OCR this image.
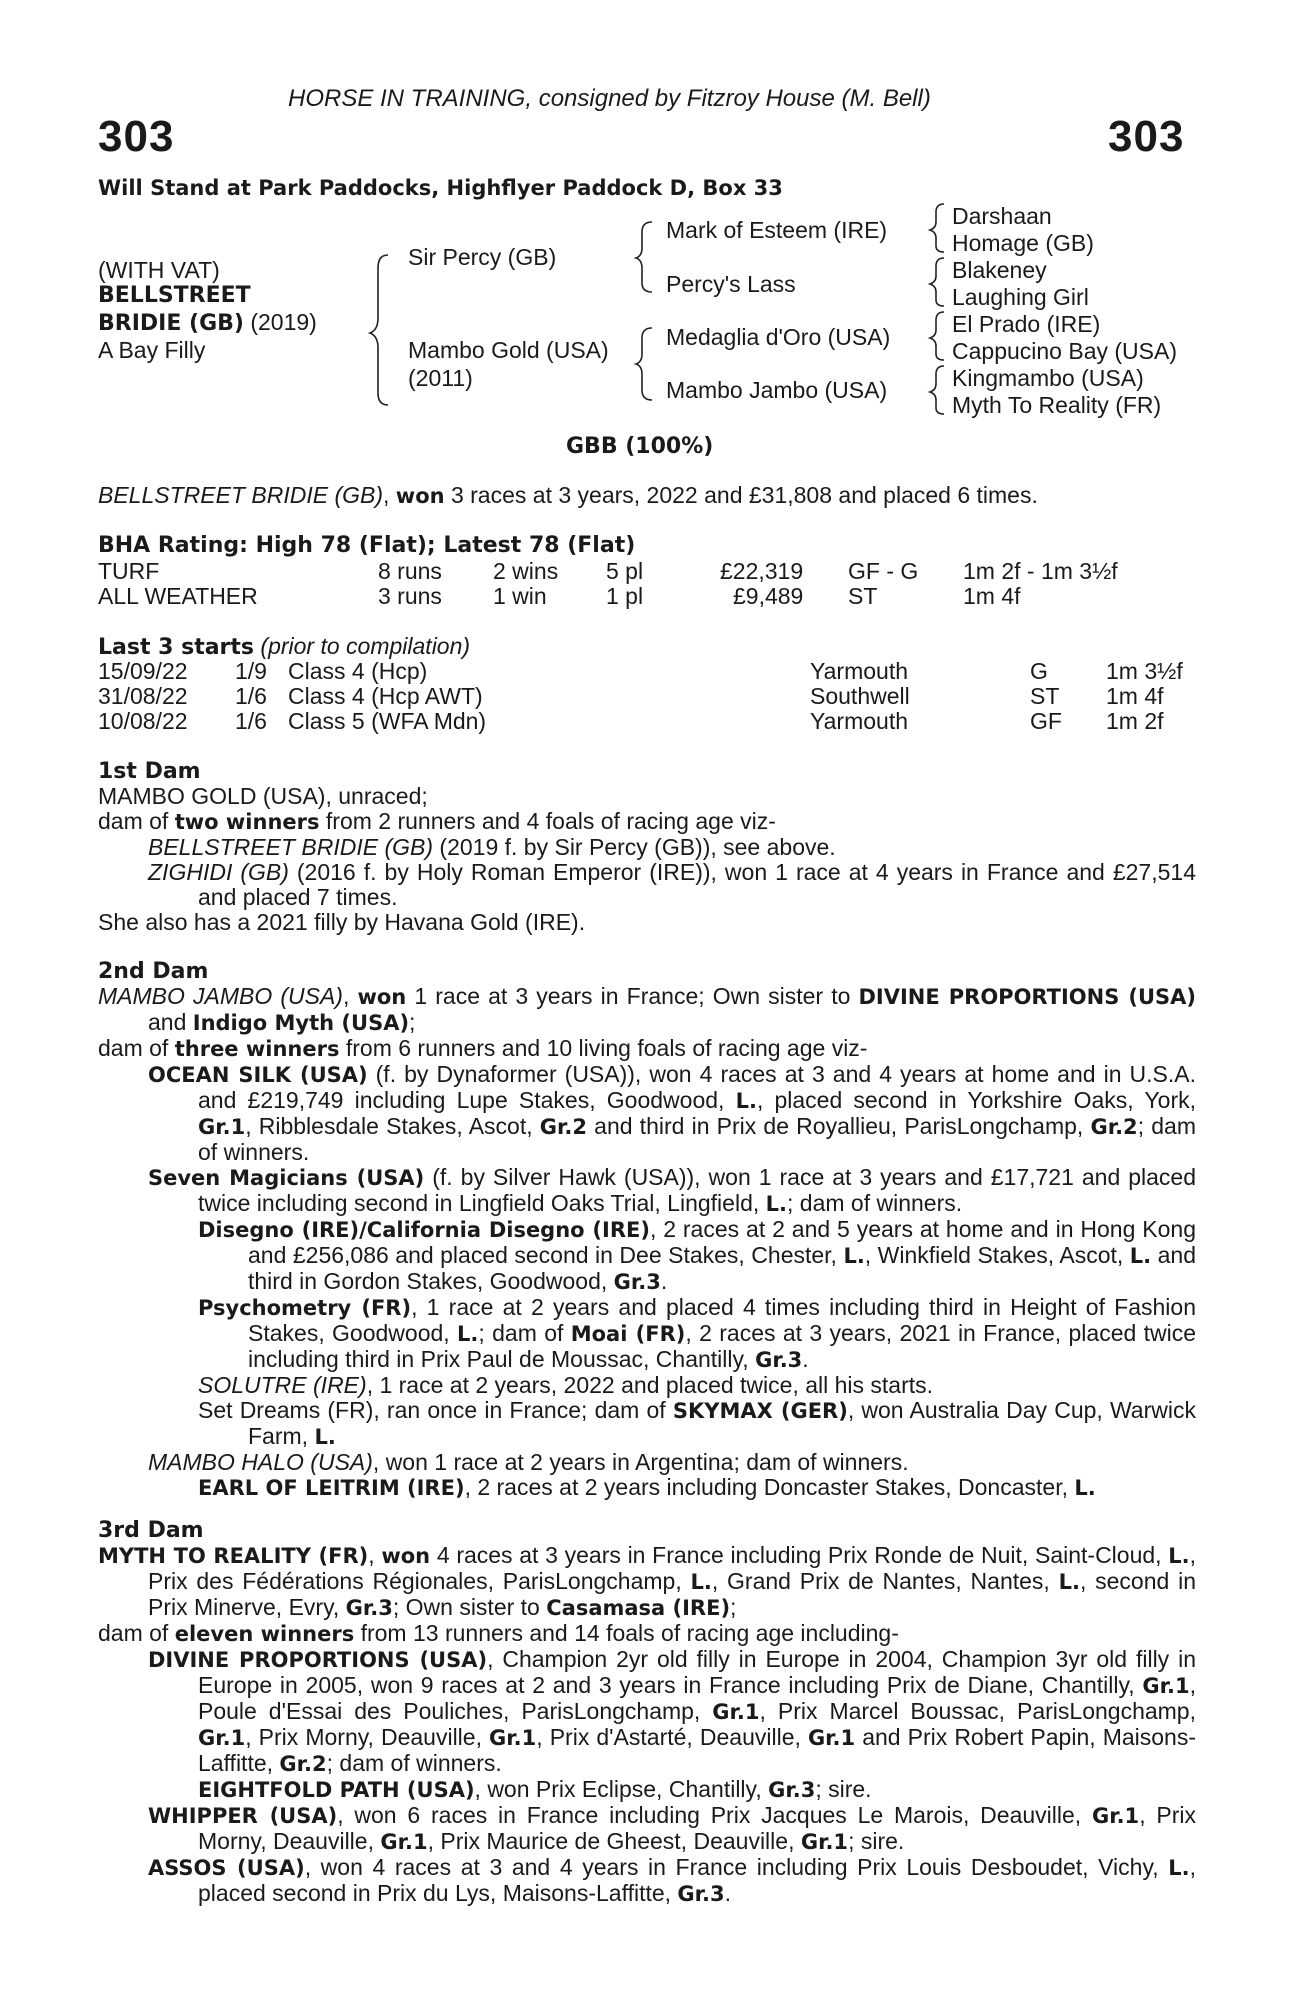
HORSE IN TRAINING, consigned by Fitzroy House (M. Bell)
303	303
Will Stand at Park Paddocks, Highflyer Paddock D, Box 33
(WITH VAT)
BELLSTREET
BRIDIE (GB) (2019)
A Bay Filly
Sir Percy (GB)
Mambo Gold (USA)
(2011)
Mark of Esteem (IRE)
Percy's Lass
Medaglia d'Oro (USA)
Mambo Jambo (USA)
Darshaan
Homage (GB)
Blakeney
Laughing Girl
El Prado (IRE)
Cappucino Bay (USA)
Kingmambo (USA)
Myth To Reality (FR)
GBB (100%)
BELLSTREET BRIDIE (GB), won 3 races at 3 years, 2022 and £31,808 and placed 6 times.
BHA Rating: High 78 (Flat); Latest 78 (Flat)
TURF	8 runs 2 wins 5 pl	£22,319 GF - G 1m 2f - 1m 3½f
ALL WEATHER	3 runs 1 win	1 pl	£9,489 ST	1m 4f
Last 3 starts (prior to compilation)
15/09/22 1/9 Class 4 (Hcp)	Yarmouth	G	1m 3½f
31/08/22 1/6 Class 4 (Hcp AWT)	Southwell	ST 1m 4f
10/08/22 1/6 Class 5 (WFA Mdn)	Yarmouth	GF 1m 2f

1st Dam

MAMBO GOLD (USA), unraced;

dam of two winners from 2 runners and 4 foals of racing age viz-

BELLSTREET BRIDIE (GB) (2019 f. by Sir Percy (GB)), see above.

ZIGHIDI (GB) (2016 f. by Holy Roman Emperor (IRE)), won 1 race at 4 years in France and £27,514 and placed 7 times.

She also has a 2021 filly by Havana Gold (IRE).

2nd Dam

MAMBO JAMBO (USA), won 1 race at 3 years in France; Own sister to DIVINE PROPORTIONS (USA) and Indigo Myth (USA);

dam of three winners from 6 runners and 10 living foals of racing age viz-

OCEAN SILK (USA) (f. by Dynaformer (USA)), won 4 races at 3 and 4 years at home and in U.S.A. and £219,749 including Lupe Stakes, Goodwood, L., placed second in Yorkshire Oaks, York, Gr.1, Ribblesdale Stakes, Ascot, Gr.2 and third in Prix de Royallieu, ParisLongchamp, Gr.2; dam of winners.

Seven Magicians (USA) (f. by Silver Hawk (USA)), won 1 race at 3 years and £17,721 and placed twice including second in Lingfield Oaks Trial, Lingfield, L.; dam of winners.

Disegno (IRE)/California Disegno (IRE), 2 races at 2 and 5 years at home and in Hong Kong and £256,086 and placed second in Dee Stakes, Chester, L., Winkfield Stakes, Ascot, L. and third in Gordon Stakes, Goodwood, Gr.3.

Psychometry (FR), 1 race at 2 years and placed 4 times including third in Height of Fashion Stakes, Goodwood, L.; dam of Moai (FR), 2 races at 3 years, 2021 in France, placed twice including third in Prix Paul de Moussac, Chantilly, Gr.3.

SOLUTRE (IRE), 1 race at 2 years, 2022 and placed twice, all his starts.

Set Dreams (FR), ran once in France; dam of SKYMAX (GER), won Australia Day Cup, Warwick Farm, L.

MAMBO HALO (USA), won 1 race at 2 years in Argentina; dam of winners.

EARL OF LEITRIM (IRE), 2 races at 2 years including Doncaster Stakes, Doncaster, L.

3rd Dam

MYTH TO REALITY (FR), won 4 races at 3 years in France including Prix Ronde de Nuit, Saint-Cloud, L., Prix des Fédérations Régionales, ParisLongchamp, L., Grand Prix de Nantes, Nantes, L., second in Prix Minerve, Evry, Gr.3; Own sister to Casamasa (IRE);

dam of eleven winners from 13 runners and 14 foals of racing age including-

DIVINE PROPORTIONS (USA), Champion 2yr old filly in Europe in 2004, Champion 3yr old filly in Europe in 2005, won 9 races at 2 and 3 years in France including Prix de Diane, Chantilly, Gr.1, Poule d'Essai des Pouliches, ParisLongchamp, Gr.1, Prix Marcel Boussac, ParisLongchamp, Gr.1, Prix Morny, Deauville, Gr.1, Prix d'Astarté, Deauville, Gr.1 and Prix Robert Papin, Maisons-Laffitte, Gr.2; dam of winners.

EIGHTFOLD PATH (USA), won Prix Eclipse, Chantilly, Gr.3; sire.

WHIPPER (USA), won 6 races in France including Prix Jacques Le Marois, Deauville, Gr.1, Prix Morny, Deauville, Gr.1, Prix Maurice de Gheest, Deauville, Gr.1; sire.

ASSOS (USA), won 4 races at 3 and 4 years in France including Prix Louis Desboudet, Vichy, L., placed second in Prix du Lys, Maisons-Laffitte, Gr.3.
